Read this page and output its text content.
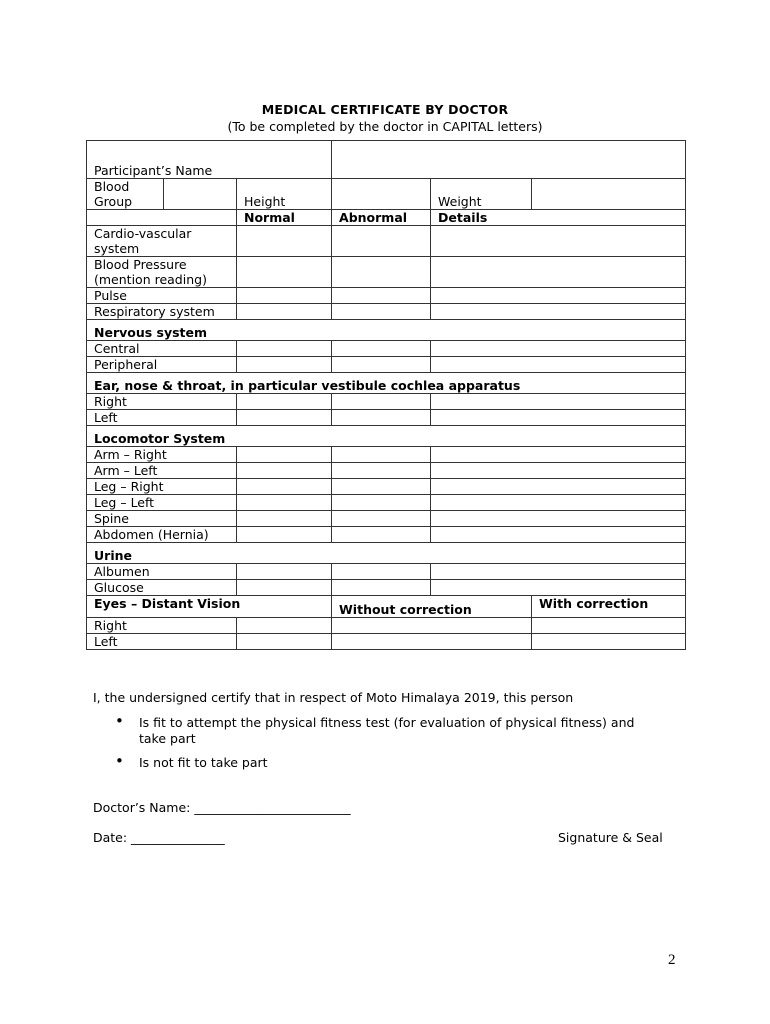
MEDICAL CERTIFICATE BY DOCTOR
(To be completed by the doctor in CAPITAL letters)
Participant’s Name					
Blood Group		Height		Weight	
		Normal	Abnormal	Details	
Cardio-vascular system					
Blood Pressure (mention reading)					
Pulse					
Respiratory system					
Nervous system					
Central					
Peripheral					
Ear, nose & throat, in particular vestibule cochlea apparatus					
Right					
Left					
Locomotor System					
Arm – Right					
Arm – Left					
Leg – Right					
Leg – Left					
Spine					
Abdomen (Hernia)					
Urine					
Albumen					
Glucose					
Eyes – Distant Vision			Without correction		With correction
Right					
Left					
I, the undersigned certify that in respect of Moto Himalaya 2019, this person
• Is fit to attempt the physical fitness test (for evaluation of physical fitness) and
take part
• Is not fit to take part
Doctor’s Name: _________________________
Date: _______________	Signature & Seal
2
